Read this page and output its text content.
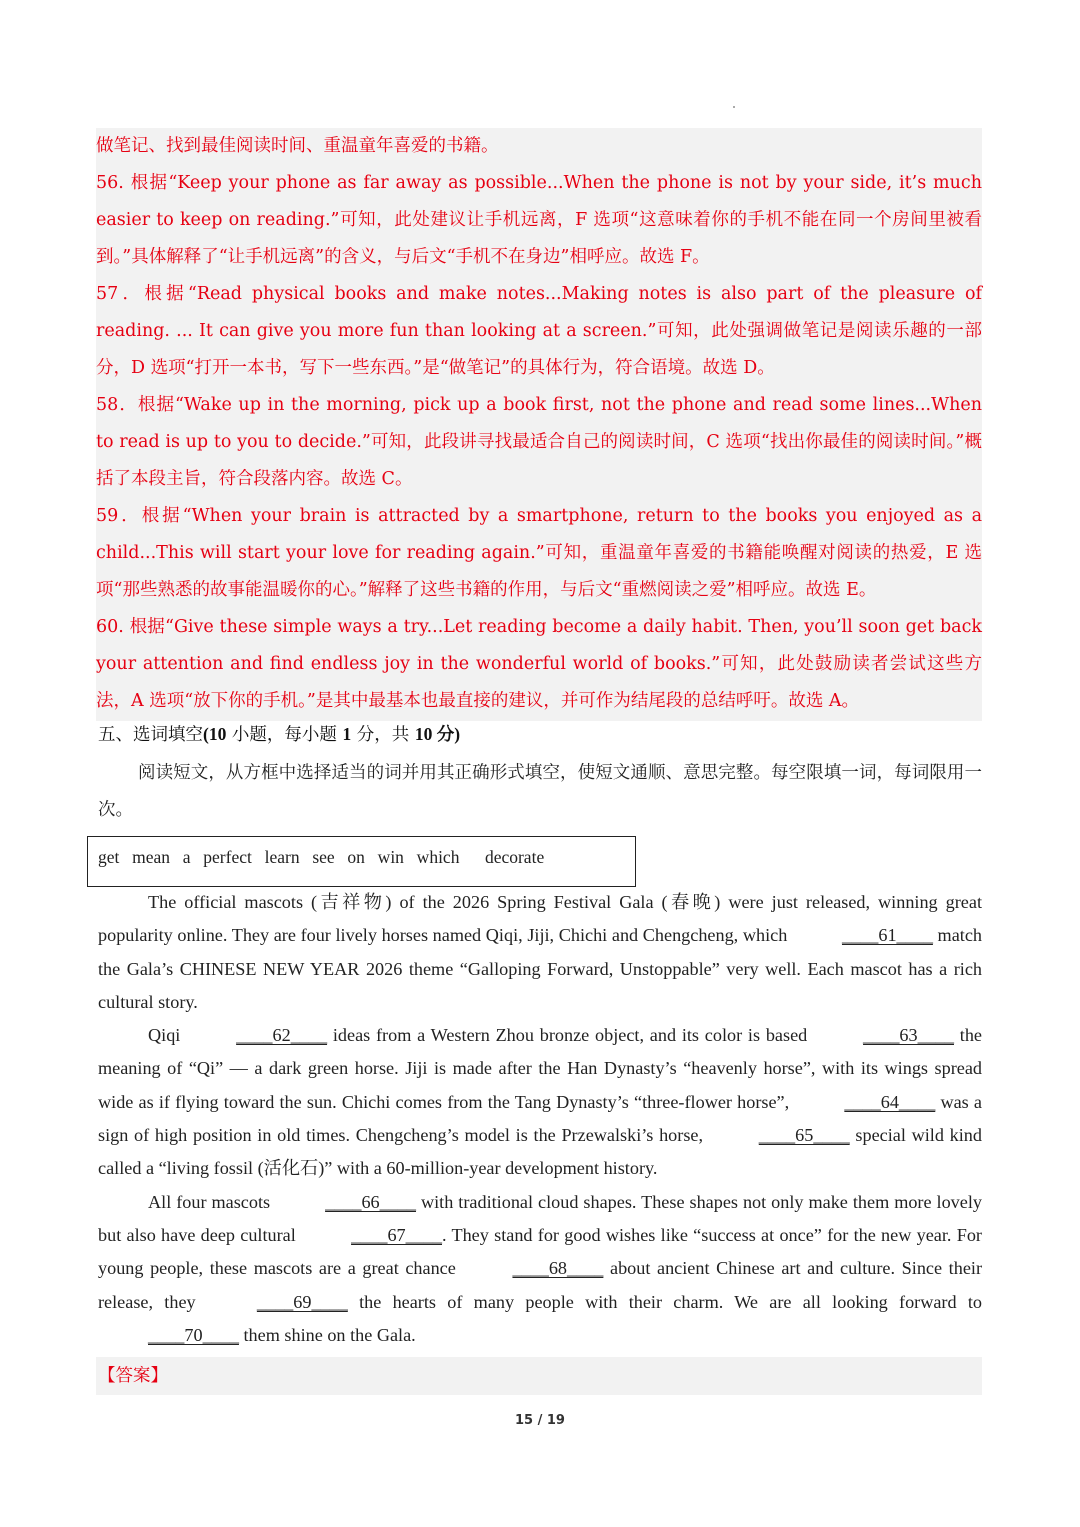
做笔记、找到最佳阅读时间、重温童年喜爱的书籍。

56. 根据“Keep your phone as far away as possible...When the phone is not by your side, it’s much easier to keep on reading.”可知，此处建议让手机远离，F 选项“这意味着你的手机不能在同一个房间里被看到。”具体解释了“让手机远离”的含义，与后文“手机不在身边”相呼应。故选 F。

57．根据“Read physical books and make notes...Making notes is also part of the pleasure of reading. ... It can give you more fun than looking at a screen.”可知，此处强调做笔记是阅读乐趣的一部分，D 选项“打开一本书，写下一些东西。”是“做笔记”的具体行为，符合语境。故选 D。

58．根据“Wake up in the morning, pick up a book first, not the phone and read some lines...When to read is up to you to decide.”可知，此段讲寻找最适合自己的阅读时间，C 选项“找出你最佳的阅读时间。”概括了本段主旨，符合段落内容。故选 C。

59．根据“When your brain is attracted by a smartphone, return to the books you enjoyed as a child...This will start your love for reading again.”可知，重温童年喜爱的书籍能唤醒对阅读的热爱，E 选项“那些熟悉的故事能温暖你的心。”解释了这些书籍的作用，与后文“重燃阅读之爱”相呼应。故选 E。

60. 根据“Give these simple ways a try...Let reading become a daily habit. Then, you’ll soon get back your attention and find endless joy in the wonderful world of books.”可知，此处鼓励读者尝试这些方法，A 选项“放下你的手机。”是其中最基本也最直接的建议，并可作为结尾段的总结呼吁。故选 A。

五、选词填空(10 小题，每小题 1 分，共 10 分)
阅读短文，从方框中选择适当的词并用其正确形式填空，使短文通顺、意思完整。每空限填一词，每词限用一次。
get  mean  a  perfect  learn  see  on  win  which    decorate

The official mascots (吉祥物) of the 2026 Spring Festival Gala (春晚) were just released, winning great popularity online. They are four lively horses named Qiqi, Jiji, Chichi and Chengcheng, which	____61____ match the Gala’s CHINESE NEW YEAR 2026 theme “Galloping Forward, Unstoppable” very well. Each mascot has a rich cultural story.

Qiqi	____62____ ideas from a Western Zhou bronze object, and its color is based	____63____ the meaning of “Qi” — a dark green horse. Jiji is made after the Han Dynasty’s “heavenly horse”, with its wings spread wide as if flying toward the sun. Chichi comes from the Tang Dynasty’s “three-flower horse”,	____64____ was a sign of high position in old times. Chengcheng’s model is the Przewalski’s horse,	____65____ special wild kind called a “living fossil (活化石)” with a 60-million-year development history.

All four mascots	____66____ with traditional cloud shapes. These shapes not only make them more lovely but also have deep cultural	____67____. They stand for good wishes like “success at once” for the new year. For young people, these mascots are a great chance	____68____ about ancient Chinese art and culture. Since their release, they	____69____ the hearts of many people with their charm. We are all looking forward to ____70____ them shine on the Gala.

【答案】
15 / 19
